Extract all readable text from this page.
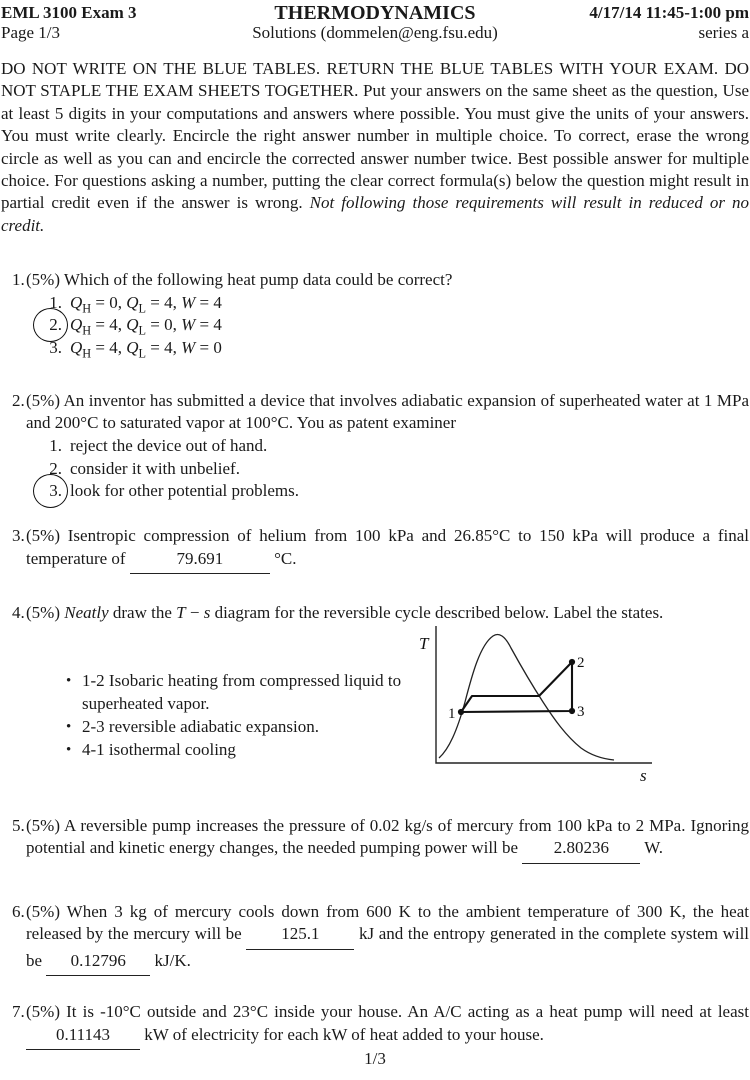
EML 3100 Exam 3	THERMODYNAMICS	4/17/14 11:45-1:00 pm
Page 1/3	Solutions (dommelen@eng.fsu.edu)	series a
DO NOT WRITE ON THE BLUE TABLES. RETURN THE BLUE TABLES WITH YOUR EXAM. DO NOT STAPLE THE EXAM SHEETS TOGETHER. Put your answers on the same sheet as the question, Use at least 5 digits in your computations and answers where possible. You must give the units of your answers. You must write clearly. Encircle the right answer number in multiple choice. To correct, erase the wrong circle as well as you can and encircle the corrected answer number twice. Best possible answer for multiple choice. For questions asking a number, putting the clear correct formula(s) below the question might result in partial credit even if the answer is wrong. Not following those requirements will result in reduced or no credit.
1. (5%) Which of the following heat pump data could be correct?
1. $Q_H = 0$, $Q_L = 4$, W = 4
2. $Q_H = 4$, $Q_L = 0$, W = 4
3. $Q_H = 4$, $Q_L = 4$, W = 0
2. (5%) An inventor has submitted a device that involves adiabatic expansion of superheated water at 1 MPa and 200°C to saturated vapor at 100°C. You as patent examiner
1. reject the device out of hand.
2. consider it with unbelief.
3. look for other potential problems.
3. (5%) Isentropic compression of helium from 100 kPa and 26.85°C to 150 kPa will produce a final temperature of	79.691	°C.
4. (5%) Neatly draw the T − s diagram for the reversible cycle described below. Label the states.
• 1-2 Isobaric heating from compressed liquid to superheated vapor.
• 2-3 reversible adiabatic expansion.
• 4-1 isothermal cooling
1
2
3
T
s
5. (5%) A reversible pump increases the pressure of 0.02 kg/s of mercury from 100 kPa to 2 MPa. Ignoring potential and kinetic energy changes, the needed pumping power will be 2.80236 W.
6. (5%) When 3 kg of mercury cools down from 600 K to the ambient temperature of 300 K, the heat released by the mercury will be 125.1 kJ and the entropy generated in the complete system will be 0.12796 kJ/K.
7. (5%) It is -10°C outside and 23°C inside your house. An A/C acting as a heat pump will need at least 0.11143 kW of electricity for each kW of heat added to your house.
1/3
